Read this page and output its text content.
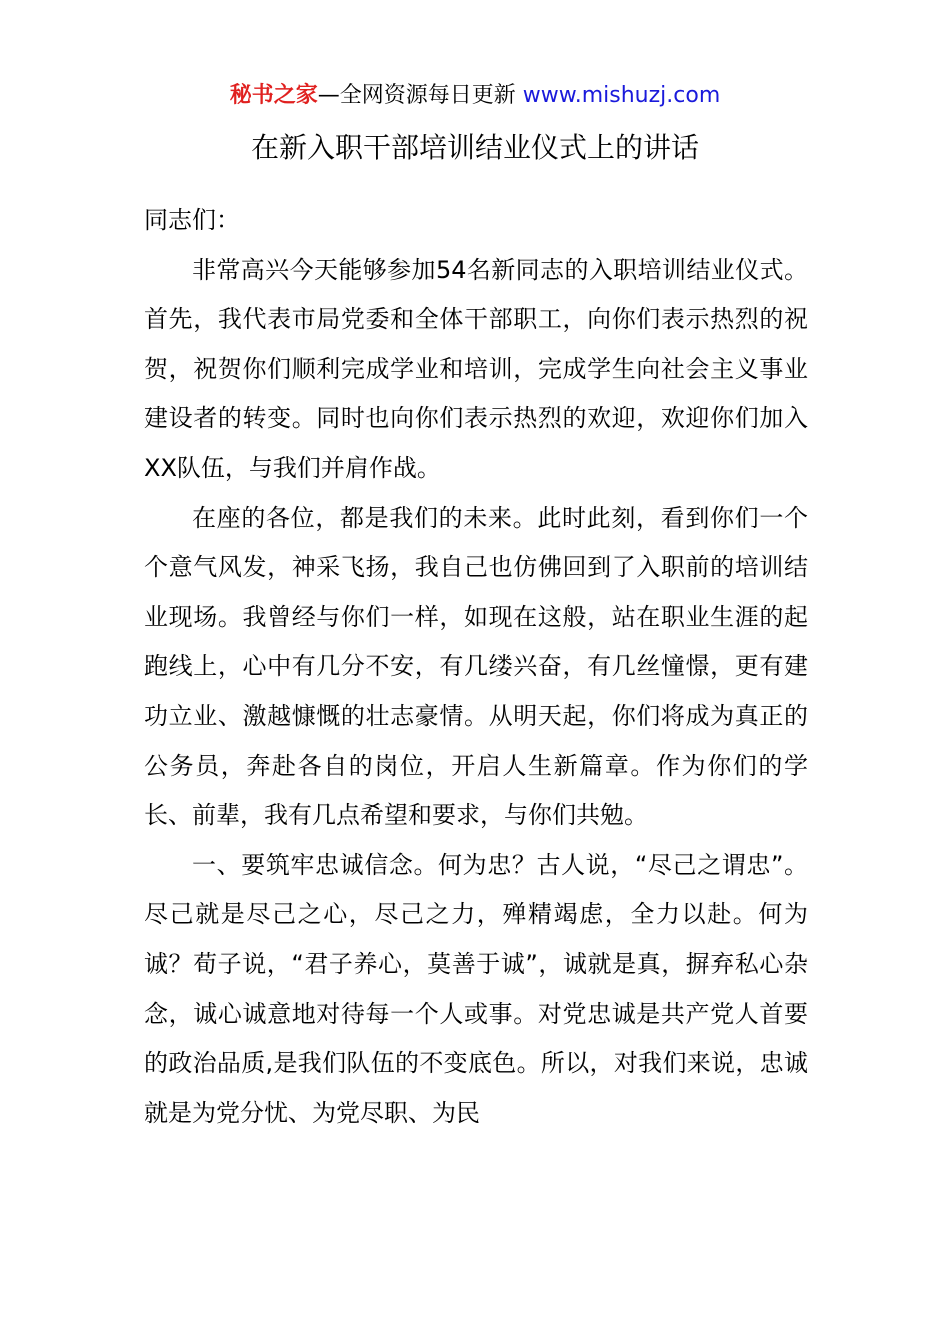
秘书之家—全网资源每日更新 www.mishuzj.com
在新入职干部培训结业仪式上的讲话

同志们：

非常高兴今天能够参加54名新同志的入职培训结业仪式。首先，我代表市局党委和全体干部职工，向你们表示热烈的祝贺，祝贺你们顺利完成学业和培训，完成学生向社会主义事业建设者的转变。同时也向你们表示热烈的欢迎，欢迎你们加入XX队伍，与我们并肩作战。

在座的各位，都是我们的未来。此时此刻，看到你们一个个意气风发，神采飞扬，我自己也仿佛回到了入职前的培训结业现场。我曾经与你们一样，如现在这般，站在职业生涯的起跑线上，心中有几分不安，有几缕兴奋，有几丝憧憬，更有建功立业、激越慷慨的壮志豪情。从明天起，你们将成为真正的公务员，奔赴各自的岗位，开启人生新篇章。作为你们的学长、前辈，我有几点希望和要求，与你们共勉。

一、要筑牢忠诚信念。何为忠？古人说，“尽己之谓忠”。尽己就是尽己之心，尽己之力，殚精竭虑，全力以赴。何为诚？荀子说，“君子养心，莫善于诚”，诚就是真，摒弃私心杂念，诚心诚意地对待每一个人或事。对党忠诚是共产党人首要的政治品质,是我们队伍的不变底色。所以，对我们来说，忠诚就是为党分忧、为党尽职、为民
